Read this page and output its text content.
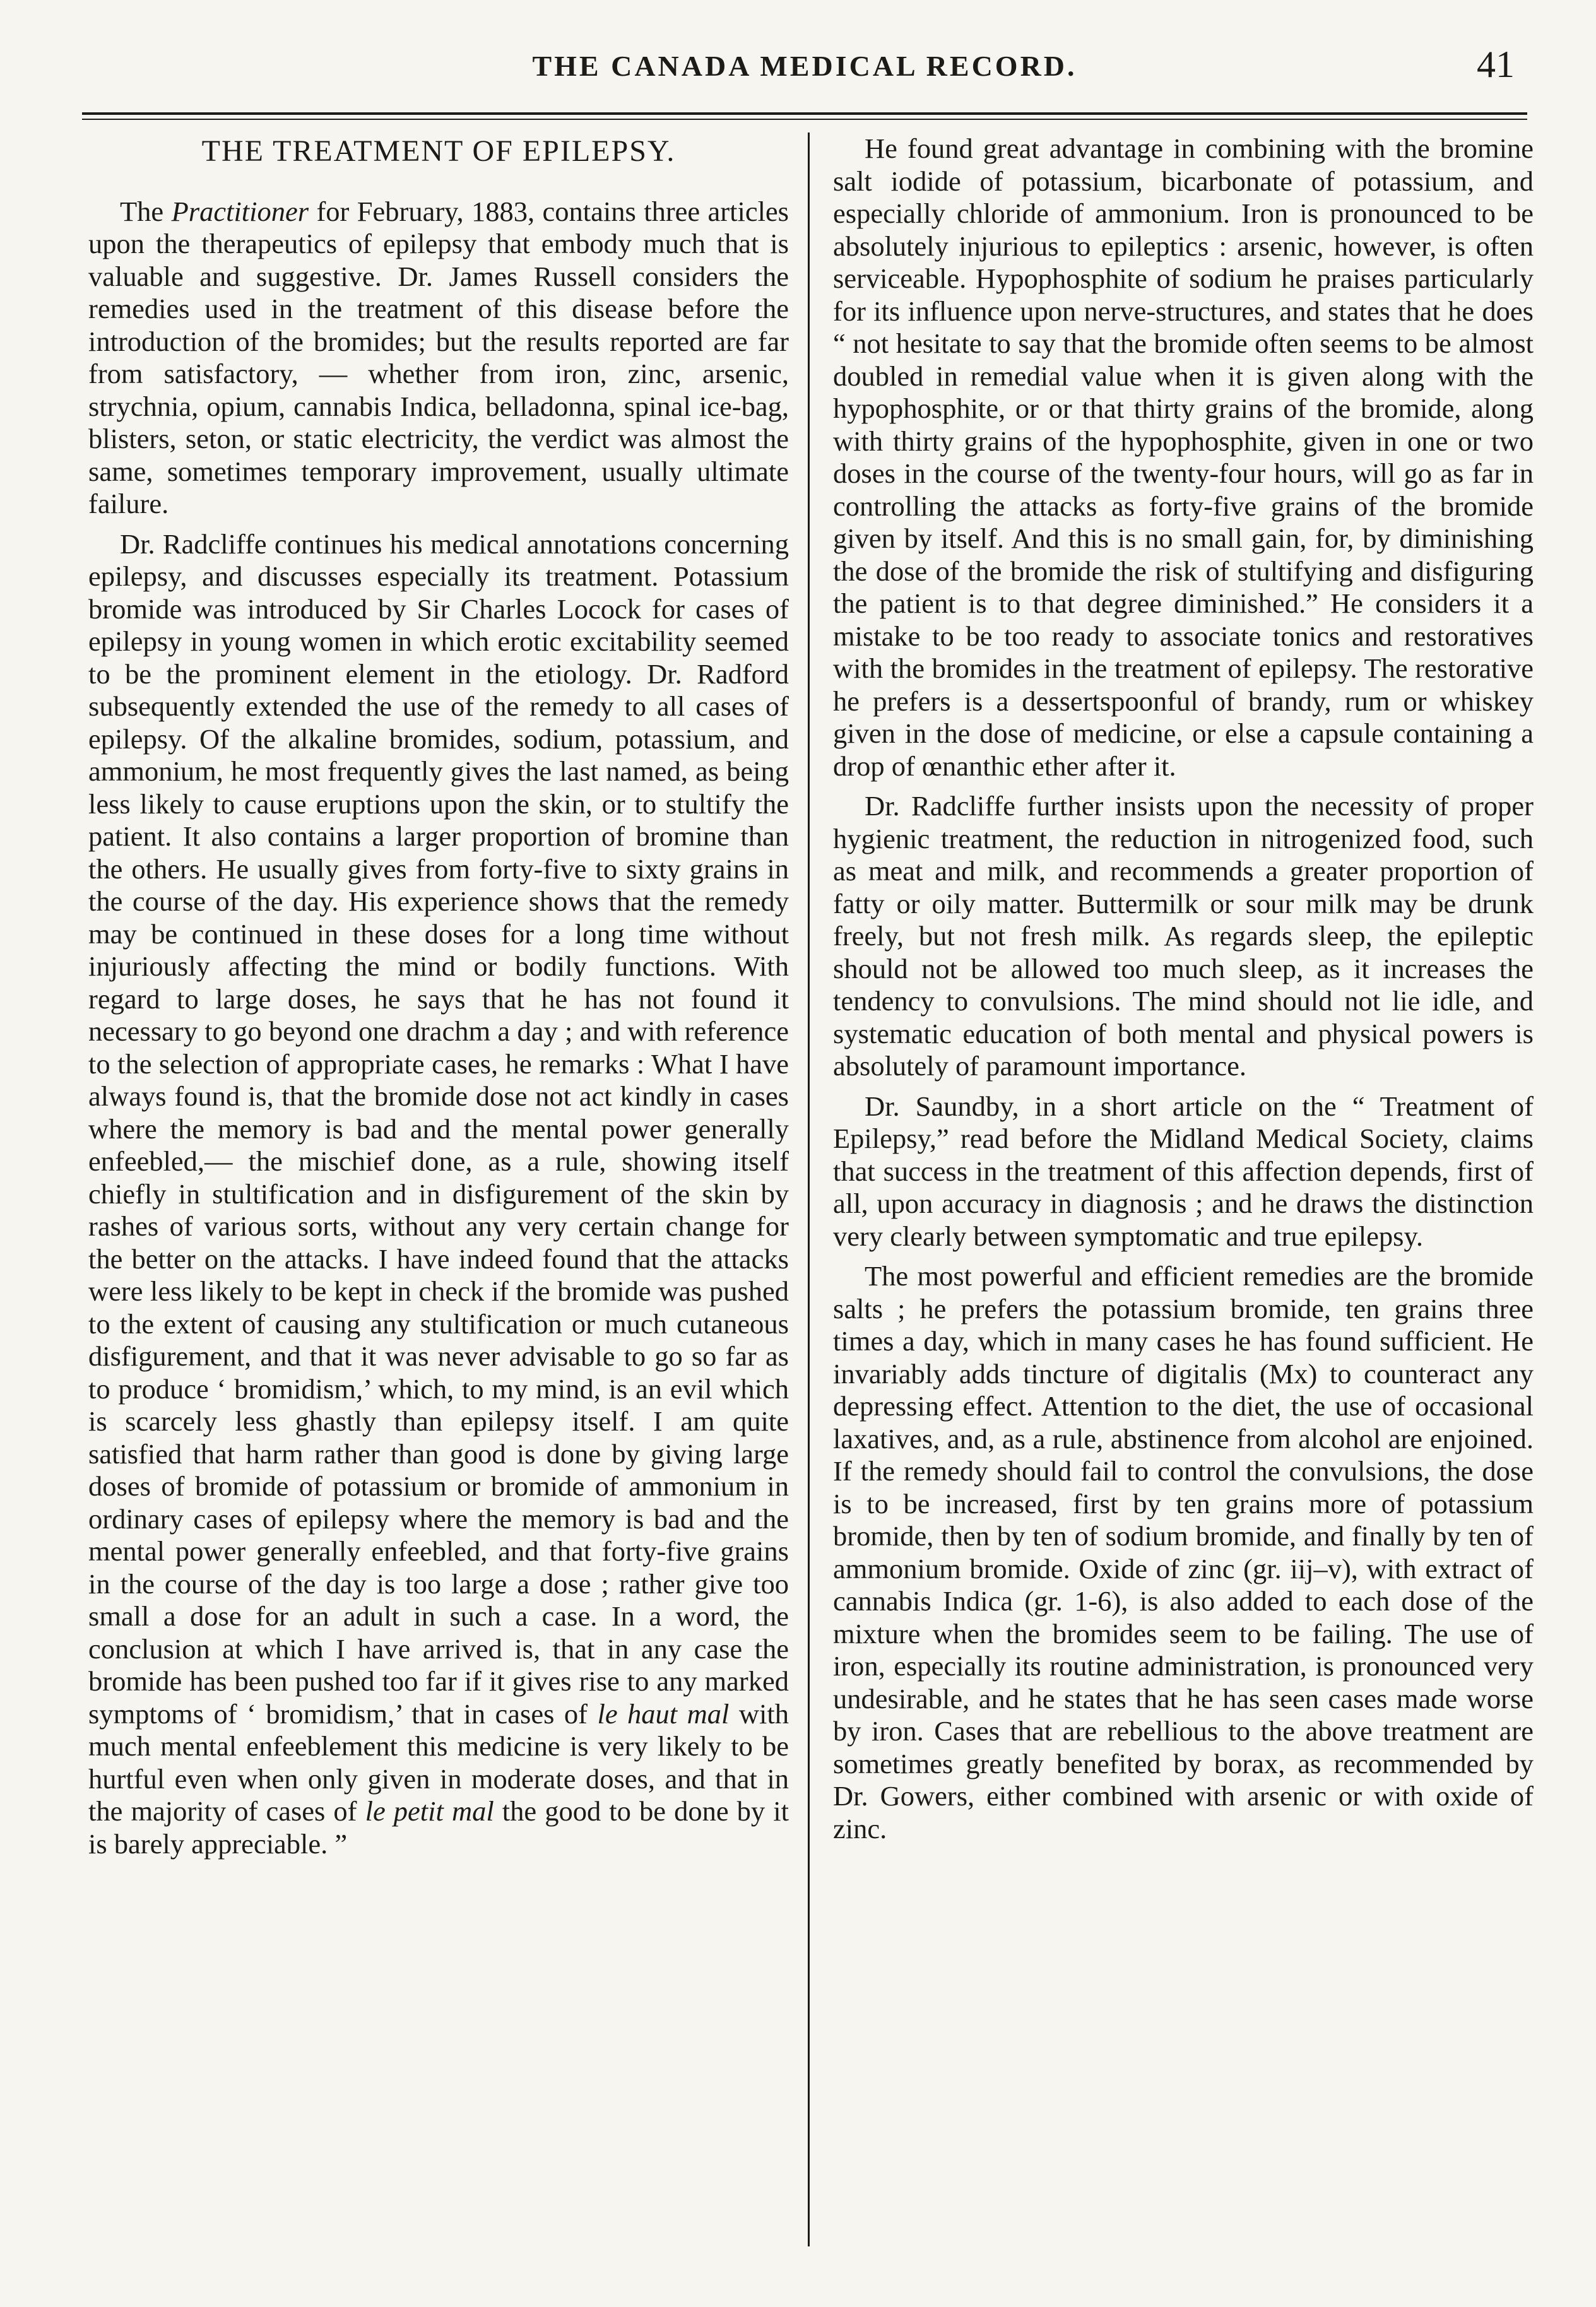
THE CANADA MEDICAL RECORD.	41
THE TREATMENT OF EPILEPSY.

The Practitioner for February, 1883, contains three articles upon the therapeutics of epilepsy that embody much that is valuable and suggestive. Dr. James Russell considers the remedies used in the treatment of this disease before the introduction of the bromides; but the results reported are far from satisfactory, — whether from iron, zinc, arsenic, strychnia, opium, cannabis Indica, belladonna, spinal ice-bag, blisters, seton, or static electricity, the verdict was almost the same, sometimes temporary improvement, usually ultimate failure.

Dr. Radcliffe continues his medical annotations concerning epilepsy, and discusses especially its treatment. Potassium bromide was introduced by Sir Charles Locock for cases of epilepsy in young women in which erotic excitability seemed to be the prominent element in the etiology. Dr. Radford subsequently extended the use of the remedy to all cases of epilepsy. Of the alkaline bromides, sodium, potassium, and ammonium, he most frequently gives the last named, as being less likely to cause eruptions upon the skin, or to stultify the patient. It also contains a larger proportion of bromine than the others. He usually gives from forty-five to sixty grains in the course of the day. His experience shows that the remedy may be continued in these doses for a long time without injuriously affecting the mind or bodily functions. With regard to large doses, he says that he has not found it necessary to go beyond one drachm a day ; and with reference to the selection of appropriate cases, he remarks : What I have always found is, that the bromide dose not act kindly in cases where the memory is bad and the mental power generally enfeebled,— the mischief done, as a rule, showing itself chiefly in stultification and in disfigurement of the skin by rashes of various sorts, without any very certain change for the better on the attacks. I have indeed found that the attacks were less likely to be kept in check if the bromide was pushed to the extent of causing any stultification or much cutaneous disfigurement, and that it was never advisable to go so far as to produce ‘ bromidism,’ which, to my mind, is an evil which is scarcely less ghastly than epilepsy itself. I am quite satisfied that harm rather than good is done by giving large doses of bromide of potassium or bromide of ammonium in ordinary cases of epilepsy where the memory is bad and the mental power generally enfeebled, and that forty-five grains in the course of the day is too large a dose ; rather give too small a dose for an adult in such a case. In a word, the conclusion at which I have arrived is, that in any case the bromide has been pushed too far if it gives rise to any marked symptoms of ‘ bromidism,’ that in cases of le haut mal with much mental enfeeblement this medicine is very likely to be hurtful even when only given in moderate doses, and that in the majority of cases of le petit mal the good to be done by it is barely appreciable. ”

He found great advantage in combining with the bromine salt iodide of potassium, bicarbonate of potassium, and especially chloride of ammonium. Iron is pronounced to be absolutely injurious to epileptics : arsenic, however, is often serviceable. Hypophosphite of sodium he praises particularly for its influence upon nerve-structures, and states that he does “ not hesitate to say that the bromide often seems to be almost doubled in remedial value when it is given along with the hypophosphite, or or that thirty grains of the bromide, along with thirty grains of the hypophosphite, given in one or two doses in the course of the twenty-four hours, will go as far in controlling the attacks as forty-five grains of the bromide given by itself. And this is no small gain, for, by diminishing the dose of the bromide the risk of stultifying and disfiguring the patient is to that degree diminished.” He considers it a mistake to be too ready to associate tonics and restoratives with the bromides in the treatment of epilepsy. The restorative he prefers is a dessertspoonful of brandy, rum or whiskey given in the dose of medicine, or else a capsule containing a drop of œnanthic ether after it.

Dr. Radcliffe further insists upon the necessity of proper hygienic treatment, the reduction in nitrogenized food, such as meat and milk, and recommends a greater proportion of fatty or oily matter. Buttermilk or sour milk may be drunk freely, but not fresh milk. As regards sleep, the epileptic should not be allowed too much sleep, as it increases the tendency to convulsions. The mind should not lie idle, and systematic education of both mental and physical powers is absolutely of paramount importance.

Dr. Saundby, in a short article on the “ Treatment of Epilepsy,” read before the Midland Medical Society, claims that success in the treatment of this affection depends, first of all, upon accuracy in diagnosis ; and he draws the distinction very clearly between symptomatic and true epilepsy.

The most powerful and efficient remedies are the bromide salts ; he prefers the potassium bromide, ten grains three times a day, which in many cases he has found sufficient. He invariably adds tincture of digitalis (Mx) to counteract any depressing effect. Attention to the diet, the use of occasional laxatives, and, as a rule, abstinence from alcohol are enjoined. If the remedy should fail to control the convulsions, the dose is to be increased, first by ten grains more of potassium bromide, then by ten of sodium bromide, and finally by ten of ammonium bromide. Oxide of zinc (gr. iij–v), with extract of cannabis Indica (gr. 1-6), is also added to each dose of the mixture when the bromides seem to be failing. The use of iron, especially its routine administration, is pronounced very undesirable, and he states that he has seen cases made worse by iron. Cases that are rebellious to the above treatment are sometimes greatly benefited by borax, as recommended by Dr. Gowers, either combined with arsenic or with oxide of zinc.
